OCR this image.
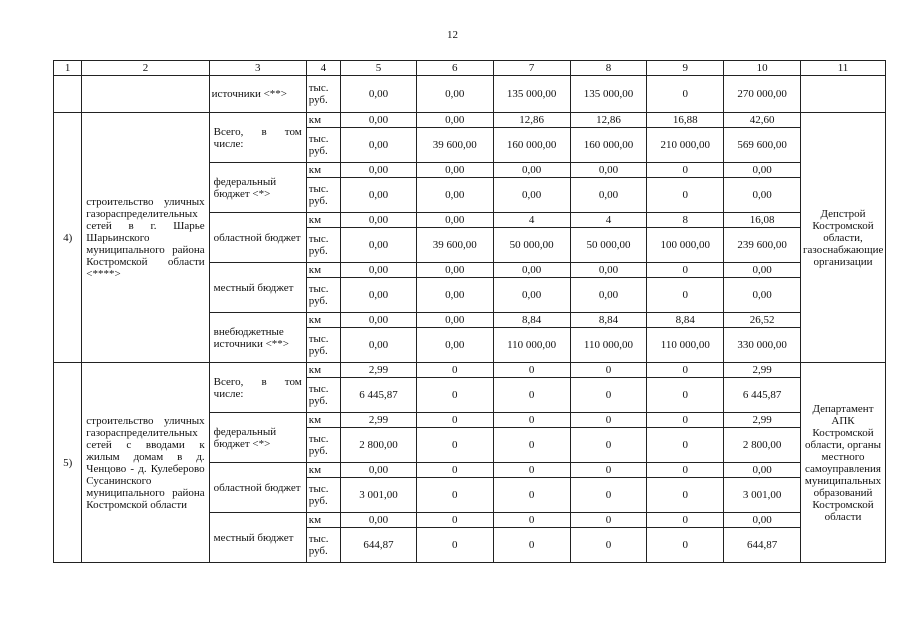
12
1	2	3	4	5	6	7	8	9	10	11
		источники <**>	тыс. руб.	0,00	0,00	135 000,00	135 000,00	0	270 000,00	
4)	строительство уличных газораспределительных сетей в г. Шарье Шарьинского муниципального района Костромской области <****>	Всего, в том числе:	км	0,00	0,00	12,86	12,86	16,88	42,60	Депстрой Костромской области, газоснабжающие организации
			тыс. руб.	0,00	39 600,00	160 000,00	160 000,00	210 000,00	569 600,00	
		федеральный бюджет <*>	км	0,00	0,00	0,00	0,00	0	0,00	
			тыс. руб.	0,00	0,00	0,00	0,00	0	0,00	
		областной бюджет	км	0,00	0,00	4	4	8	16,08	
			тыс. руб.	0,00	39 600,00	50 000,00	50 000,00	100 000,00	239 600,00	
		местный бюджет	км	0,00	0,00	0,00	0,00	0	0,00	
			тыс. руб.	0,00	0,00	0,00	0,00	0	0,00	
		внебюджетные источники <**>	км	0,00	0,00	8,84	8,84	8,84	26,52	
			тыс. руб.	0,00	0,00	110 000,00	110 000,00	110 000,00	330 000,00	
5)	строительство уличных газораспределительных сетей с вводами к жилым домам в д. Ченцово - д. Кулеберово Сусанинского муниципального района Костромской области	Всего, в том числе:	км	2,99	0	0	0	0	2,99	Департамент АПК Костромской области, органы местного самоуправления муниципальных образований Костромской области
			тыс. руб.	6 445,87	0	0	0	0	6 445,87	
		федеральный бюджет <*>	км	2,99	0	0	0	0	2,99	
			тыс. руб.	2 800,00	0	0	0	0	2 800,00	
		областной бюджет	км	0,00	0	0	0	0	0,00	
			тыс. руб.	3 001,00	0	0	0	0	3 001,00	
		местный бюджет	км	0,00	0	0	0	0	0,00	
			тыс. руб.	644,87	0	0	0	0	644,87	
